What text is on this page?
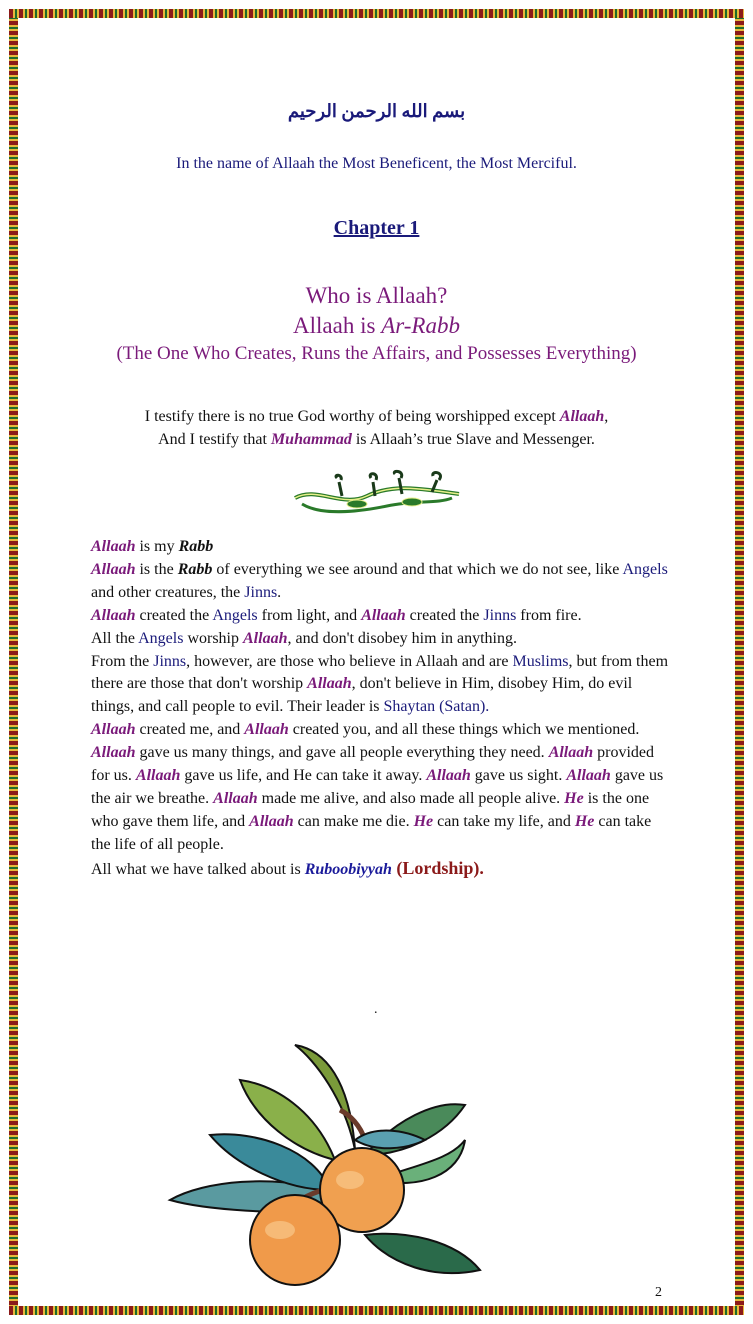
بسم الله الرحمن الرحيم
In the name of Allaah the Most Beneficent, the Most Merciful.
Chapter 1
Who is Allaah?
Allaah is Ar-Rabb
(The One Who Creates, Runs the Affairs, and Possesses Everything)
I testify there is no true God worthy of being worshipped except Allaah,
And I testify that Muhammad is Allaah’s true Slave and Messenger.
Allaah is my Rabb
Allaah is the Rabb of everything we see around and that which we do not see, like Angels and other creatures, the Jinns.
Allaah created the Angels from light, and Allaah created the Jinns from fire.
All the Angels worship Allaah, and don't disobey him in anything.
From the Jinns, however, are those who believe in Allaah and are Muslims, but from them there are those that don't worship Allaah, don't believe in Him, disobey Him, do evil things, and call people to evil. Their leader is Shaytan (Satan).
Allaah created me, and Allaah created you, and all these things which we mentioned.
Allaah gave us many things, and gave all people everything they need. Allaah provided for us. Allaah gave us life, and He can take it away. Allaah gave us sight. Allaah gave us the air we breathe. Allaah made me alive, and also made all people alive. He is the one who gave them life, and Allaah can make me die. He can take my life, and He can take the life of all people.
All what we have talked about is Ruboobiyyah (Lordship).
.
2
